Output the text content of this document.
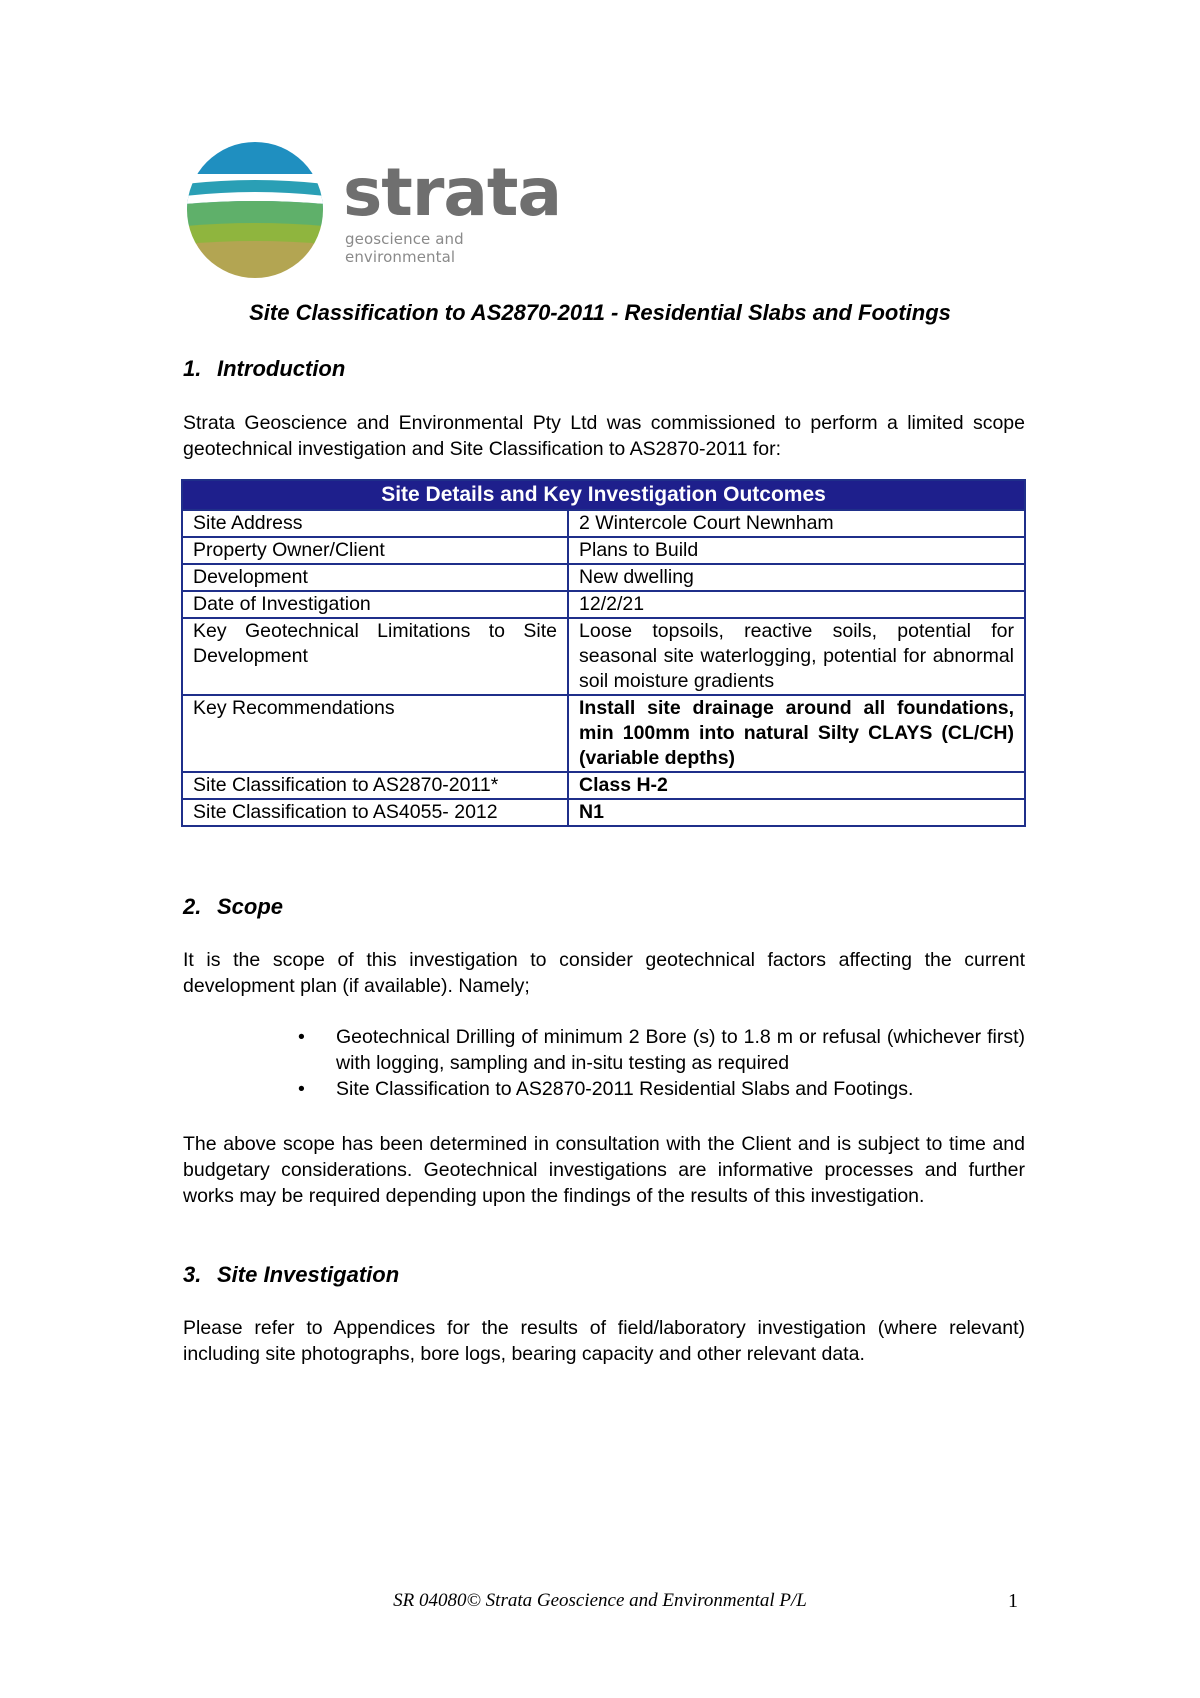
strata
geoscience and environmental
Site Classification to AS2870-2011 - Residential Slabs and Footings
1. Introduction
Strata Geoscience and Environmental Pty Ltd was commissioned to perform a limited scope geotechnical investigation and Site Classification to AS2870-2011 for:
Site Details and Key Investigation Outcomes	
Site Address	2 Wintercole Court Newnham
Property Owner/Client	Plans to Build
Development	New dwelling
Date of Investigation	12/2/21
Key Geotechnical Limitations to Site Development	Loose topsoils, reactive soils, potential for seasonal site waterlogging, potential for abnormal soil moisture gradients
Key Recommendations	Install site drainage around all foundations, min 100mm into natural Silty CLAYS (CL/CH) (variable depths)
Site Classification to AS2870-2011*	Class H-2
Site Classification to AS4055- 2012	N1
2. Scope
It is the scope of this investigation to consider geotechnical factors affecting the current development plan (if available). Namely;
• Geotechnical Drilling of minimum 2 Bore (s) to 1.8 m or refusal (whichever first) with logging, sampling and in-situ testing as required
• Site Classification to AS2870-2011 Residential Slabs and Footings.
The above scope has been determined in consultation with the Client and is subject to time and budgetary considerations. Geotechnical investigations are informative processes and further works may be required depending upon the findings of the results of this investigation.
3. Site Investigation
Please refer to Appendices for the results of field/laboratory investigation (where relevant) including site photographs, bore logs, bearing capacity and other relevant data.
SR 04080© Strata Geoscience and Environmental P/L	1
